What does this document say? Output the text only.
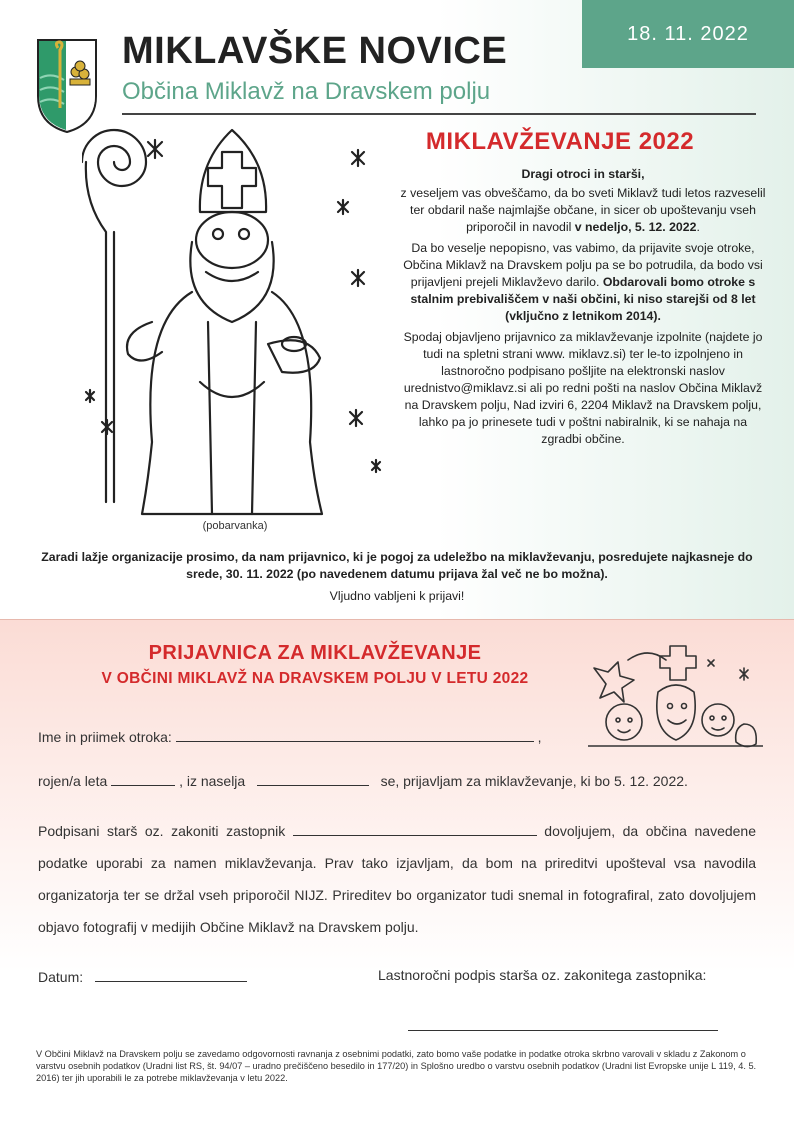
18. 11. 2022
MIKLAVŠKE NOVICE
Občina Miklavž na Dravskem polju
(pobarvanka)
MIKLAVŽEVANJE 2022

Dragi otroci in starši,

z veseljem vas obveščamo, da bo sveti Miklavž tudi letos razveselil ter obdaril naše najmlajše občane, in sicer ob upoštevanju vseh priporočil in navodil v nedeljo, 5. 12. 2022.

Da bo veselje nepopisno, vas vabimo, da prijavite svoje otroke, Občina Miklavž na Dravskem polju pa se bo potrudila, da bodo vsi prijavljeni prejeli Miklavževo darilo. Obdarovali bomo otroke s stalnim prebivališčem v naši občini, ki niso starejši od 8 let (vključno z letnikom 2014).

Spodaj objavljeno prijavnico za miklavževanje izpolnite (najdete jo tudi na spletni strani www. miklavz.si) ter le-to izpolnjeno in lastnoročno podpisano pošljite na elektronski naslov urednistvo@miklavz.si ali po redni pošti na naslov Občina Miklavž na Dravskem polju, Nad izviri 6, 2204 Miklavž na Dravskem polju, lahko pa jo prinesete tudi v poštni nabiralnik, ki se nahaja na zgradbi občine.

Zaradi lažje organizacije prosimo, da nam prijavnico, ki je pogoj za udeležbo na miklavževanju, posredujete najkasneje do srede, 30. 11. 2022 (po navedenem datumu prijava žal več ne bo možna).
Vljudno vabljeni k prijavi!
PRIJAVNICA ZA MIKLAVŽEVANJE
V OBČINI MIKLAVŽ NA DRAVSKEM POLJU V LETU 2022
Ime in priimek otroka:	,
rojen/a leta	, iz naselja	se, prijavljam za miklavževanje, ki bo 5. 12. 2022.
Podpisani starš oz. zakoniti zastopnik	dovoljujem, da občina navedene podatke uporabi za namen miklavževanja. Prav tako izjavljam, da bom na prireditvi upošteval vsa navodila organizatorja ter se držal vseh priporočil NIJZ. Prireditev bo organizator tudi snemal in fotografiral, zato dovoljujem objavo fotografij v medijih Občine Miklavž na Dravskem polju.
Datum:	Lastnoročni podpis starša oz. zakonitega zastopnika:
V Občini Miklavž na Dravskem polju se zavedamo odgovornosti ravnanja z osebnimi podatki, zato bomo vaše podatke in podatke otroka skrbno varovali v skladu z Zakonom o varstvu osebnih podatkov (Uradni list RS, št. 94/07 – uradno prečiščeno besedilo in 177/20) in Splošno uredbo o varstvu osebnih podatkov (Uradni list Evropske unije L 119, 4. 5. 2016) ter jih uporabili le za potrebe miklavževanja v letu 2022.
